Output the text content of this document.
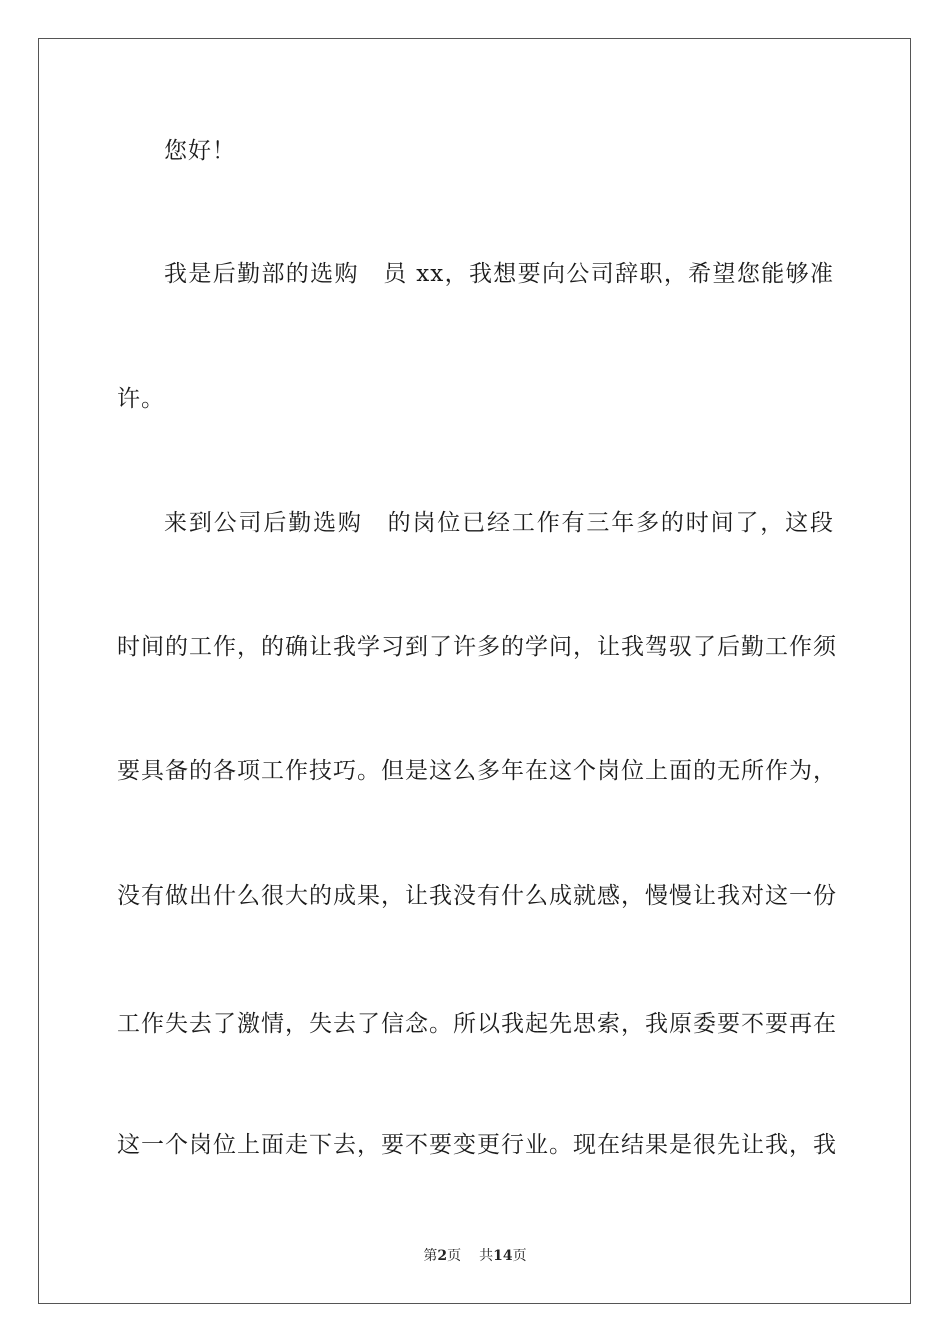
您好！
我是后勤部的选购　员 xx，我想要向公司辞职，希望您能够准
许。
来到公司后勤选购　的岗位已经工作有三年多的时间了，这段
时间的工作，的确让我学习到了许多的学问，让我驾驭了后勤工作须
要具备的各项工作技巧。但是这么多年在这个岗位上面的无所作为，
没有做出什么很大的成果，让我没有什么成就感，慢慢让我对这一份
工作失去了激情，失去了信念。所以我起先思索，我原委要不要再在
这一个岗位上面走下去，要不要变更行业。现在结果是很先让我，我
第2页 共14页
